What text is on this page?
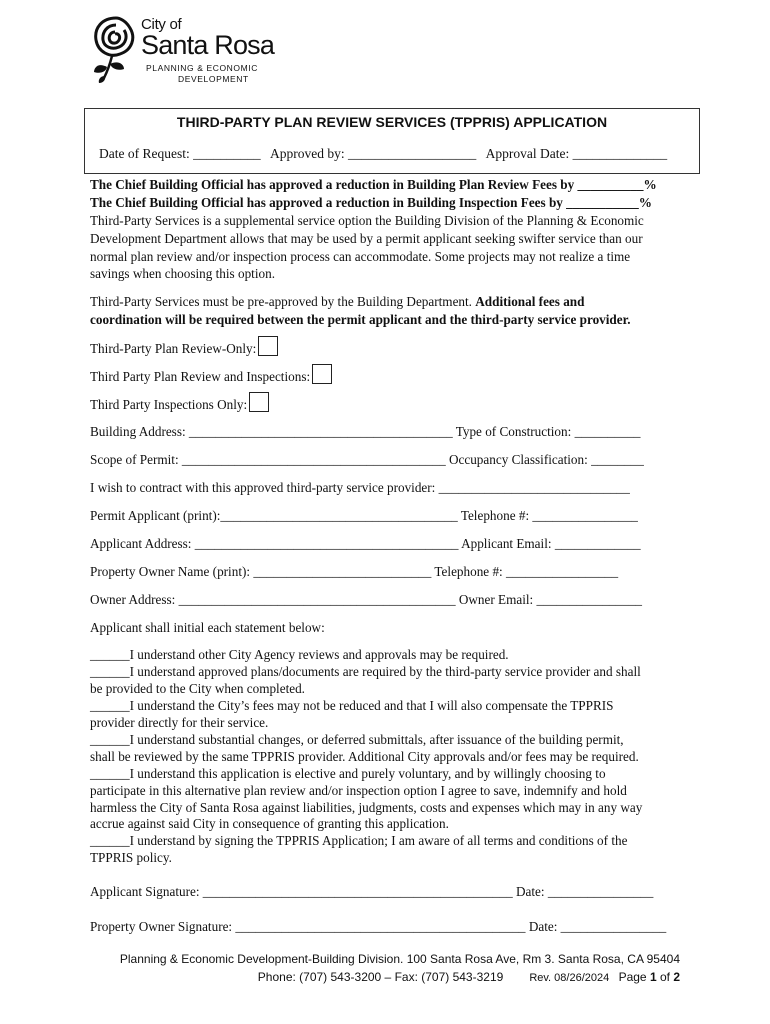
City of
Santa Rosa
PLANNING & ECONOMIC
DEVELOPMENT
THIRD-PARTY PLAN REVIEW SERVICES (TPPRIS) APPLICATION
Date of Request: __________ Approved by: ___________________ Approval Date: ______________
The Chief Building Official has approved a reduction in Building Plan Review Fees by __________%
The Chief Building Official has approved a reduction in Building Inspection Fees by ___________%
Third-Party Services is a supplemental service option the Building Division of the Planning & Economic
Development Department allows that may be used by a permit applicant seeking swifter service than our
normal plan review and/or inspection process can accommodate. Some projects may not realize a time
savings when choosing this option.
Third-Party Services must be pre-approved by the Building Department. Additional fees and
coordination will be required between the permit applicant and the third-party service provider.
Third-Party Plan Review-Only:
Third Party Plan Review and Inspections:
Third Party Inspections Only:
Building Address: ________________________________________ Type of Construction: __________
Scope of Permit: ________________________________________ Occupancy Classification: ________
I wish to contract with this approved third-party service provider: _____________________________
Permit Applicant (print):____________________________________ Telephone #: ________________
Applicant Address: ________________________________________ Applicant Email: _____________
Property Owner Name (print): ___________________________ Telephone #: _________________
Owner Address: __________________________________________ Owner Email: ________________
Applicant shall initial each statement below:
______I understand other City Agency reviews and approvals may be required.
______I understand approved plans/documents are required by the third-party service provider and shall
be provided to the City when completed.
______I understand the City’s fees may not be reduced and that I will also compensate the TPPRIS
provider directly for their service.
______I understand substantial changes, or deferred submittals, after issuance of the building permit,
shall be reviewed by the same TPPRIS provider. Additional City approvals and/or fees may be required.
______I understand this application is elective and purely voluntary, and by willingly choosing to
participate in this alternative plan review and/or inspection option I agree to save, indemnify and hold
harmless the City of Santa Rosa against liabilities, judgments, costs and expenses which may in any way
accrue against said City in consequence of granting this application.
______I understand by signing the TPPRIS Application; I am aware of all terms and conditions of the
TPPRIS policy.
Applicant Signature: _______________________________________________ Date: ________________
Property Owner Signature: ____________________________________________ Date: ________________
Planning & Economic Development-Building Division. 100 Santa Rosa Ave, Rm 3. Santa Rosa, CA 95404
Phone: (707) 543-3200 – Fax: (707) 543-3219 Rev. 08/26/2024 Page 1 of 2
